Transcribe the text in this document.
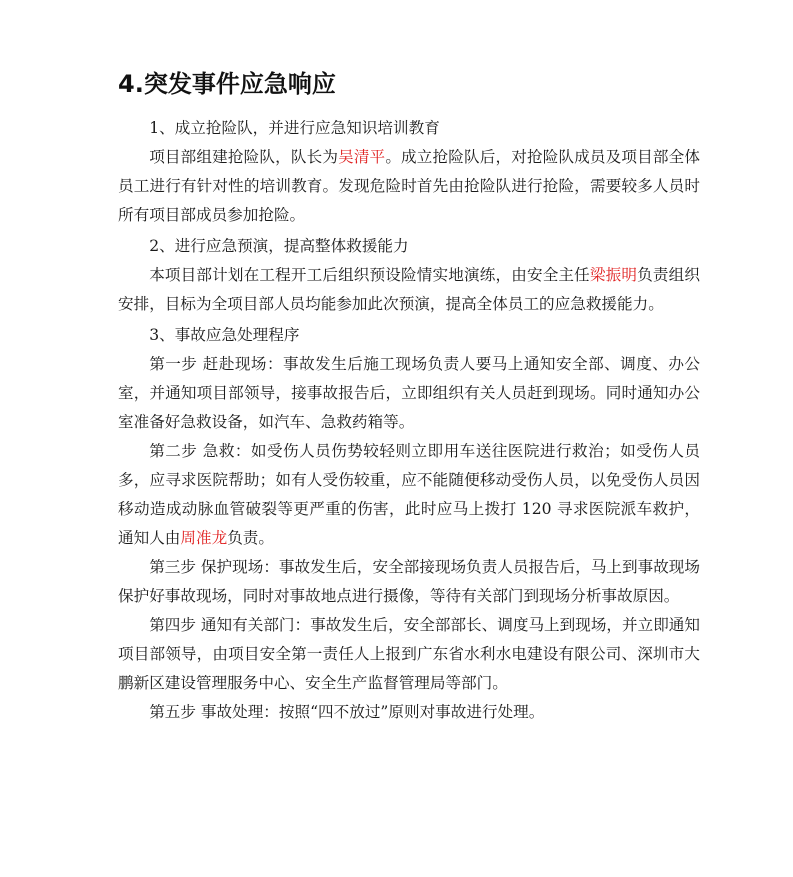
4.突发事件应急响应

1、成立抢险队，并进行应急知识培训教育

项目部组建抢险队，队长为吴清平。成立抢险队后，对抢险队成员及项目部全体员工进行有针对性的培训教育。发现危险时首先由抢险队进行抢险，需要较多人员时所有项目部成员参加抢险。

2、进行应急预演，提高整体救援能力

本项目部计划在工程开工后组织预设险情实地演练，由安全主任梁振明负责组织安排，目标为全项目部人员均能参加此次预演，提高全体员工的应急救援能力。

3、事故应急处理程序

第一步 赶赴现场：事故发生后施工现场负责人要马上通知安全部、调度、办公室，并通知项目部领导，接事故报告后，立即组织有关人员赶到现场。同时通知办公室准备好急救设备，如汽车、急救药箱等。

第二步 急救：如受伤人员伤势较轻则立即用车送往医院进行救治；如受伤人员多，应寻求医院帮助；如有人受伤较重，应不能随便移动受伤人员，以免受伤人员因移动造成动脉血管破裂等更严重的伤害，此时应马上拨打 120 寻求医院派车救护，通知人由周准龙负责。

第三步 保护现场：事故发生后，安全部接现场负责人员报告后，马上到事故现场保护好事故现场，同时对事故地点进行摄像，等待有关部门到现场分析事故原因。

第四步 通知有关部门：事故发生后，安全部部长、调度马上到现场，并立即通知项目部领导，由项目安全第一责任人上报到广东省水利水电建设有限公司、深圳市大鹏新区建设管理服务中心、安全生产监督管理局等部门。

第五步 事故处理：按照“四不放过”原则对事故进行处理。
